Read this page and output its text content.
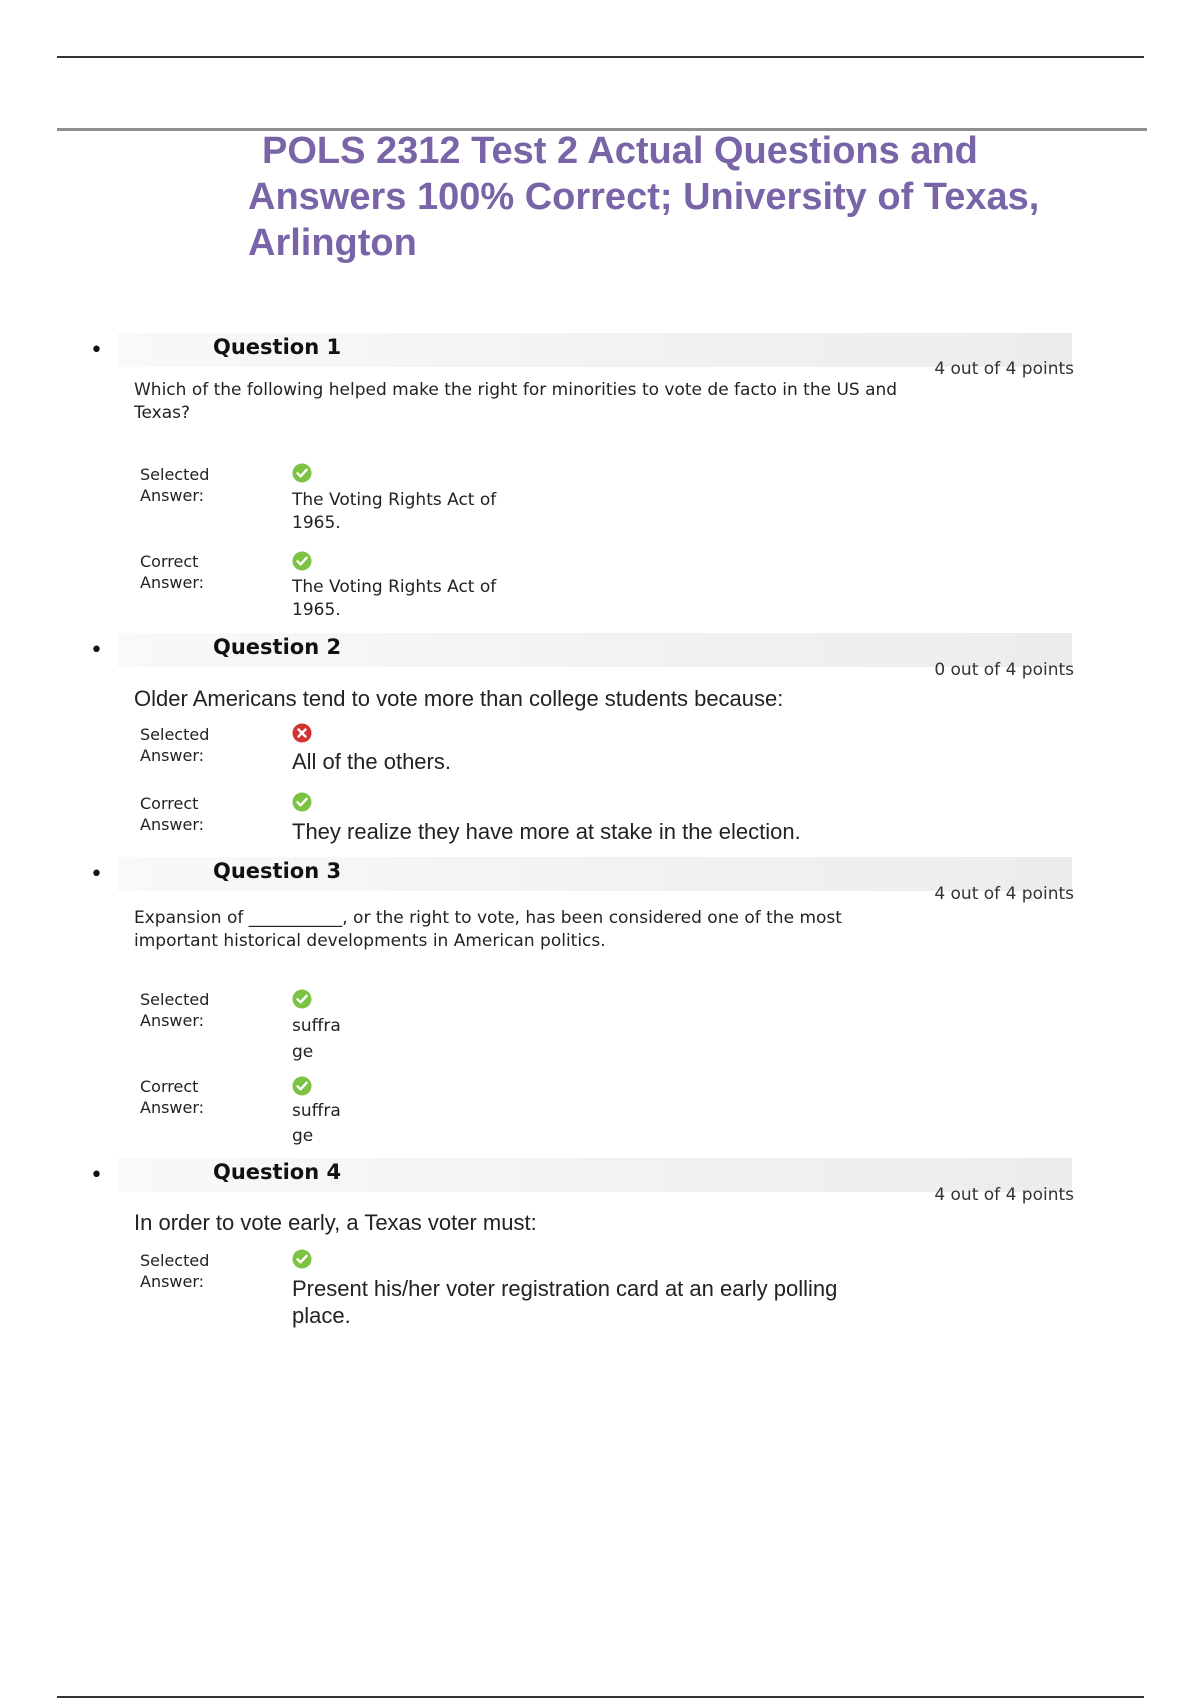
POLS 2312 Test 2 Actual Questions and
Answers 100% Correct; University of Texas,
Arlington
•	Question 1
4 out of 4 points
Which of the following helped make the right for minorities to vote de facto in the US and
Texas?
Selected
Answer:	The Voting Rights Act of
1965.
Correct
Answer:	The Voting Rights Act of
1965.
•	Question 2
0 out of 4 points
Older Americans tend to vote more than college students because:
Selected
Answer:	All of the others.
Correct
Answer:	They realize they have more at stake in the election.
•	Question 3
4 out of 4 points
Expansion of ___________, or the right to vote, has been considered one of the most
important historical developments in American politics.
Selected
Answer:	suffra
ge
Correct
Answer:	suffra
ge
•	Question 4
4 out of 4 points
In order to vote early, a Texas voter must:
Selected
Answer:	Present his/her voter registration card at an early polling
place.
